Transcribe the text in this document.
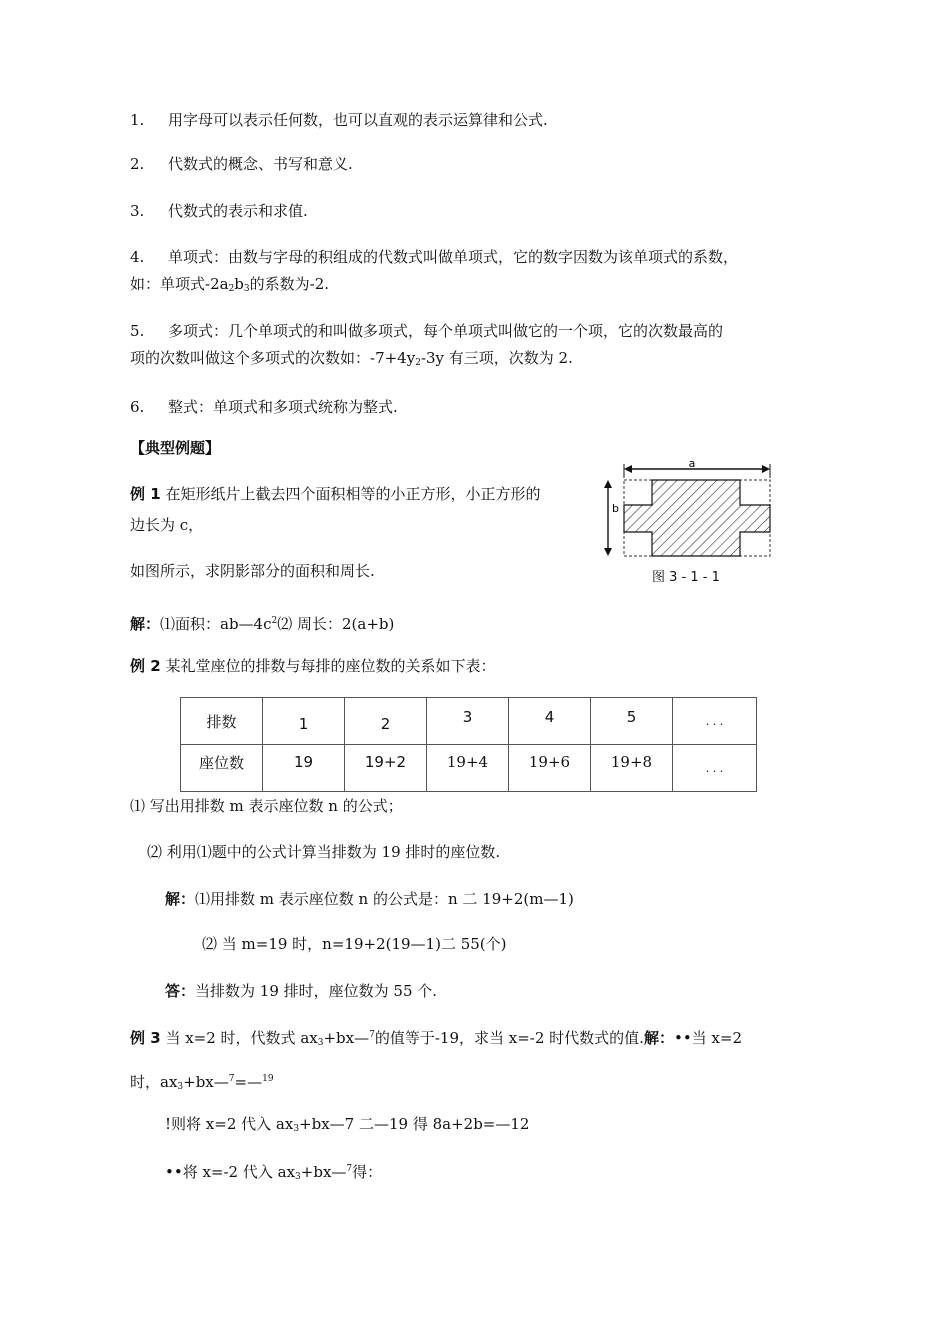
1. 用字母可以表示任何数，也可以直观的表示运算律和公式.
2. 代数式的概念、书写和意义.
3. 代数式的表示和求值.
4. 单项式：由数与字母的积组成的代数式叫做单项式，它的数字因数为该单项式的系数，
如：单项式$-2a_2b_3$的系数为-2.
5. 多项式：几个单项式的和叫做多项式，每个单项式叫做它的一个项，它的次数最高的
项的次数叫做这个多项式的次数如：$-7+4y_2-3y$ 有三项，次数为 2.
6. 整式：单项式和多项式统称为整式.
【典型例题】
例 1 在矩形纸片上截去四个面积相等的小正方形，小正方形的
边长为 c，
如图所示，求阴影部分的面积和周长.
a
b
图 3 - 1 - 1
解：⑴面积：$ab—4c^2⑵$ 周长：2(a+b)
例 2 某礼堂座位的排数与每排的座位数的关系如下表：
排数	1	2	3	4	5	. . .
座位数	19	19+2	19+4	19+6	19+8	. . .
⑴ 写出用排数 m 表示座位数 n 的公式；
⑵ 利用⑴题中的公式计算当排数为 19 排时的座位数.
解：⑴用排数 m 表示座位数 n 的公式是：n 二 19+2(m—1)
⑵ 当 m=19 时，n=19+2(19—1)二 55(个)
答：当排数为 19 排时，座位数为 55 个.
例 3 当 x=2 时，代数式 $ax_3+bx—^7$的值等于-19，求当 x=-2 时代数式的值.解：••当 x=2
时，$ax_3+bx—^7=—^{19}$
!则将 x=2 代入 $ax_3+bx—7$ 二—19 得 8a+2b=—12
••将 x=-2 代入 $ax_3+bx—^7$得：
